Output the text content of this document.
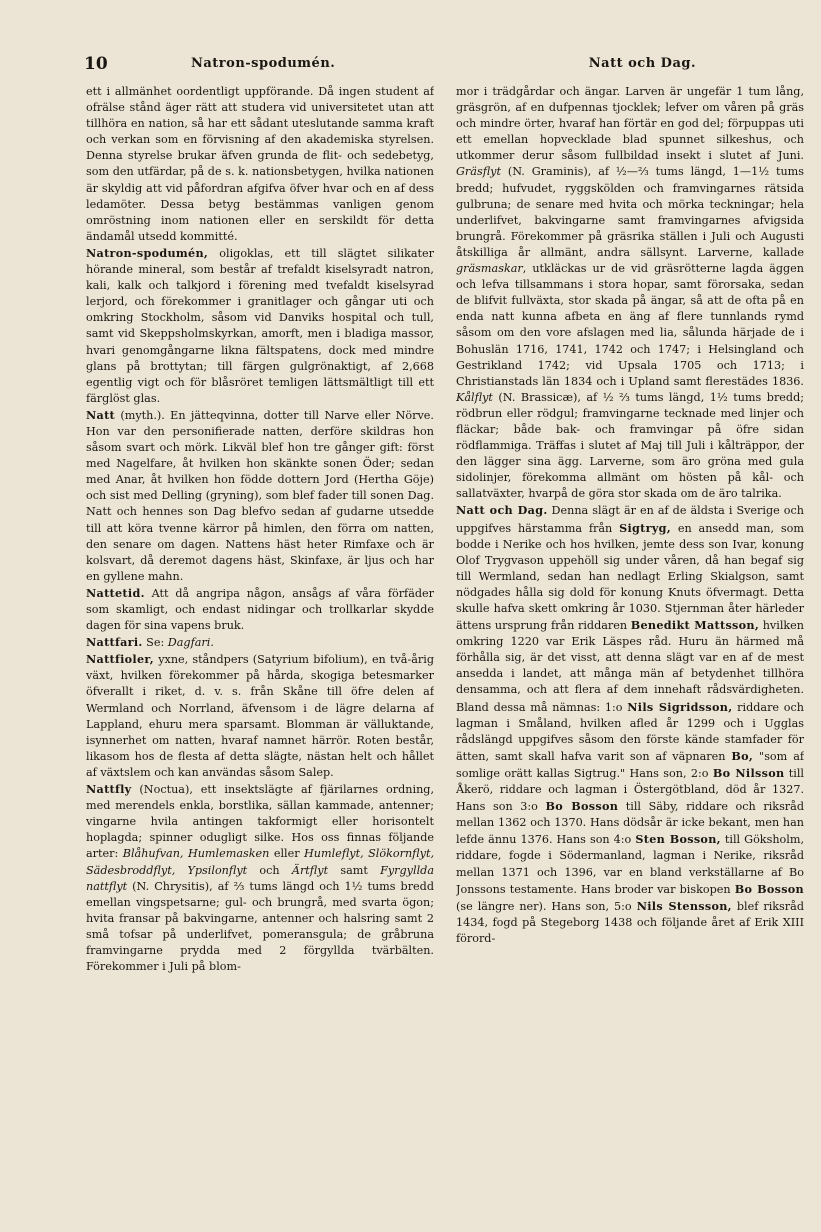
10	Natron-spodumén.	Natt och Dag.

ett i allmänhet oordentligt uppförande. Då ingen student af ofrälse stånd äger rätt att studera vid universitetet utan att tillhöra en nation, så har ett sådant uteslutande samma kraft och verkan som en förvisning af den akademiska styrelsen. Denna styrelse brukar äfven grunda de flit- och sedebetyg, som den utfärdar, på de s. k. nationsbetygen, hvilka nationen är skyldig att vid påfordran afgifva öfver hvar och en af dess ledamöter. Dessa betyg bestämmas vanligen genom omröstning inom nationen eller en serskildt för detta ändamål utsedd kommitté.

Natron-spodumén, oligoklas, ett till slägtet silikater hörande mineral, som består af trefaldt kiselsyradt natron, kali, kalk och talkjord i förening med tvefaldt kiselsyrad lerjord, och förekommer i granitlager och gångar uti och omkring Stockholm, såsom vid Danviks hospital och tull, samt vid Skeppsholmskyrkan, amorft, men i bladiga massor, hvari genomgångarne likna fältspatens, dock med mindre glans på brottytan; till färgen gulgrönaktigt, af 2,668 egentlig vigt och för blåsröret temligen lättsmältligt till ett färglöst glas.

Natt (myth.). En jätteqvinna, dotter till Narve eller Nörve. Hon var den personifierade natten, derföre skildras hon såsom svart och mörk. Likväl blef hon tre gånger gift: först med Nagelfare, åt hvilken hon skänkte sonen Öder; sedan med Anar, åt hvilken hon födde dottern Jord (Hertha Göje) och sist med Delling (gryning), som blef fader till sonen Dag. Natt och hennes son Dag blefvo sedan af gudarne utsedde till att köra tvenne kärror på himlen, den förra om natten, den senare om dagen. Nattens häst heter Rimfaxe och är kolsvart, då deremot dagens häst, Skinfaxe, är ljus och har en gyllene mahn.

Nattetid. Att då angripa någon, ansågs af våra förfäder som skamligt, och endast nidingar och trollkarlar skydde dagen för sina vapens bruk.

Nattfari. Se: Dagfari.

Nattfioler, yxne, ståndpers (Satyrium bifolium), en två-årig växt, hvilken förekommer på hårda, skogiga betesmarker öfverallt i riket, d. v. s. från Skåne till öfre delen af Wermland och Norrland, äfvensom i de lägre delarna af Lappland, ehuru mera sparsamt. Blomman är välluktande, isynnerhet om natten, hvaraf namnet härrör. Roten består, likasom hos de flesta af detta slägte, nästan helt och hållet af växtslem och kan användas såsom Salep.

Nattfly (Noctua), ett insektslägte af fjärilarnes ordning, med merendels enkla, borstlika, sällan kammade, antenner; vingarne hvila antingen takformigt eller horisontelt hoplagda; spinner odugligt silke. Hos oss finnas följande arter: Blåhufvan, Humlemasken eller Humleflyt, Slökornflyt, Sädesbroddflyt, Ypsilonflyt och Ärtflyt samt Fyrgyllda nattflyt (N. Chrysitis), af ⅔ tums längd och 1½ tums bredd emellan vingspetsarne; gul- och brungrå, med svarta ögon; hvita fransar på bakvingarne, antenner och halsring samt 2 små tofsar på underlifvet, pomeransgula; de gråbruna framvingarne prydda med 2 förgyllda tvärbälten. Förekommer i Juli på blom-

mor i trädgårdar och ängar. Larven är ungefär 1 tum lång, gräsgrön, af en dufpennas tjocklek; lefver om våren på gräs och mindre örter, hvaraf han förtär en god del; förpuppas uti ett emellan hopvecklade blad spunnet silkeshus, och utkommer derur såsom fullbildad insekt i slutet af Juni. Gräsflyt (N. Graminis), af ½—⅔ tums längd, 1—1½ tums bredd; hufvudet, ryggskölden och framvingarnes rätsida gulbruna; de senare med hvita och mörka teckningar; hela underlifvet, bakvingarne samt framvingarnes afvigsida brungrå. Förekommer på gräsrika ställen i Juli och Augusti åtskilliga år allmänt, andra sällsynt. Larverne, kallade gräsmaskar, utkläckas ur de vid gräsrötterne lagda äggen och lefva tillsammans i stora hopar, samt förorsaka, sedan de blifvit fullväxta, stor skada på ängar, så att de ofta på en enda natt kunna afbeta en äng af flere tunnlands rymd såsom om den vore afslagen med lia, sålunda härjade de i Bohuslän 1716, 1741, 1742 och 1747; i Helsingland och Gestrikland 1742; vid Upsala 1705 och 1713; i Christianstads län 1834 och i Upland samt flerestädes 1836. Kålflyt (N. Brassicæ), af ½ ⅔ tums längd, 1½ tums bredd; rödbrun eller rödgul; framvingarne tecknade med linjer och fläckar; både bak- och framvingar på öfre sidan rödflammiga. Träffas i slutet af Maj till Juli i kålträppor, der den lägger sina ägg. Larverne, som äro gröna med gula sidolinjer, förekomma allmänt om hösten på kål- och sallatväxter, hvarpå de göra stor skada om de äro talrika.

Natt och Dag. Denna slägt är en af de äldsta i Sverige och uppgifves härstamma från Sigtryg, en ansedd man, som bodde i Nerike och hos hvilken, jemte dess son Ivar, konung Olof Trygvason uppehöll sig under våren, då han begaf sig till Wermland, sedan han nedlagt Erling Skialgson, samt nödgades hålla sig dold för konung Knuts öfvermagt. Detta skulle hafva skett omkring år 1030. Stjernman åter härleder ättens ursprung från riddaren Benedikt Mattsson, hvilken omkring 1220 var Erik Läspes råd. Huru än härmed må förhålla sig, är det visst, att denna slägt var en af de mest ansedda i landet, att många män af betydenhet tillhöra densamma, och att flera af dem innehaft rådsvärdigheten. Bland dessa må nämnas: 1:o Nils Sigridsson, riddare och lagman i Småland, hvilken afled år 1299 och i Ugglas rådslängd uppgifves såsom den förste kände stamfader för ätten, samt skall hafva varit son af väpnaren Bo, "som af somlige orätt kallas Sigtrug." Hans son, 2:o Bo Nilsson till Åkerö, riddare och lagman i Östergötbland, död år 1327. Hans son 3:o Bo Bosson till Säby, riddare och riksråd mellan 1362 och 1370. Hans dödsår är icke bekant, men han lefde ännu 1376. Hans son 4:o Sten Bosson, till Göksholm, riddare, fogde i Södermanland, lagman i Nerike, riksråd mellan 1371 och 1396, var en bland verkställarne af Bo Jonssons testamente. Hans broder var biskopen Bo Bosson (se längre ner). Hans son, 5:o Nils Stensson, blef riksråd 1434, fogd på Stegeborg 1438 och följande året af Erik XIII förord-
